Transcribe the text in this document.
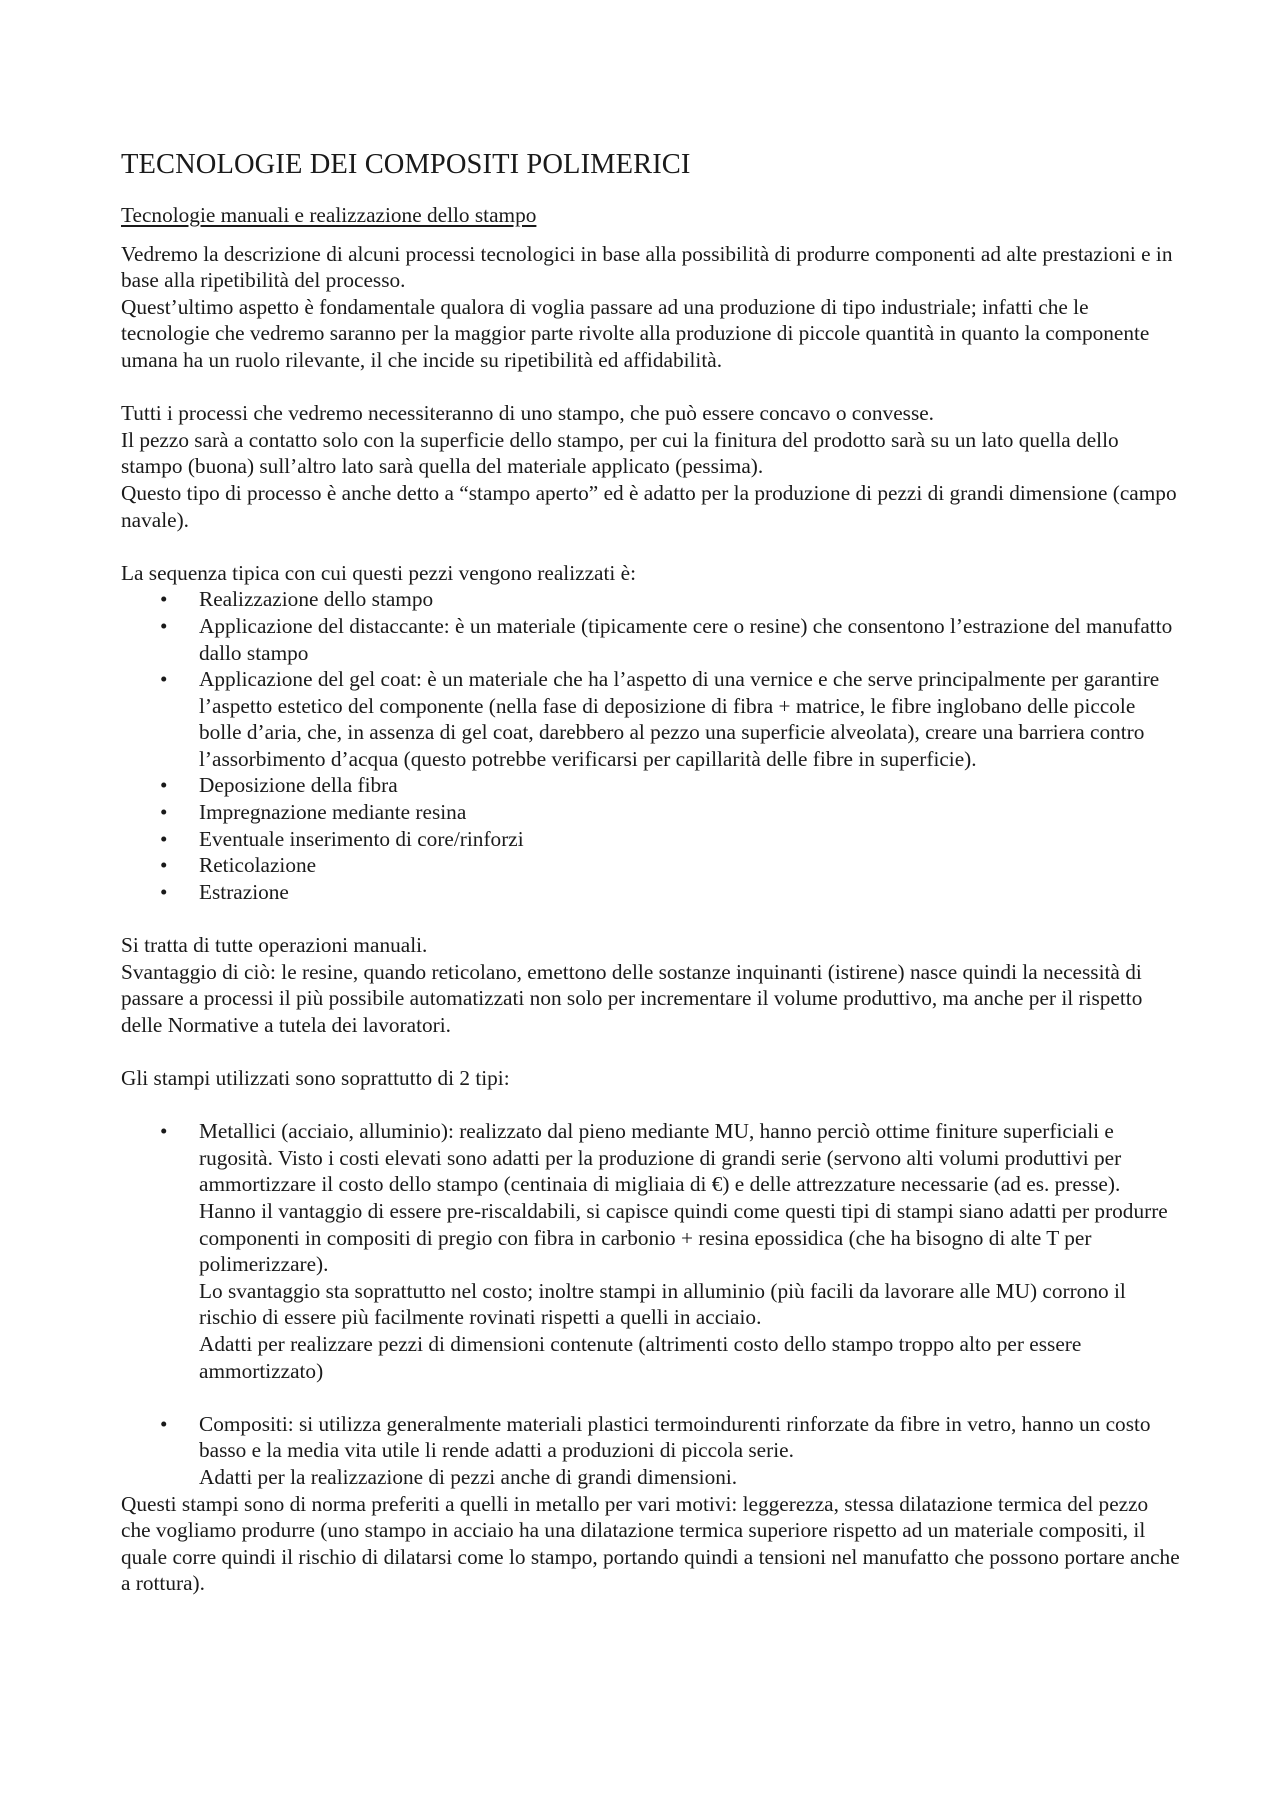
TECNOLOGIE DEI COMPOSITI POLIMERICI

Tecnologie manuali e realizzazione dello stampo

Vedremo la descrizione di alcuni processi tecnologici in base alla possibilità di produrre componenti ad alte prestazioni e in base alla ripetibilità del processo.

Quest’ultimo aspetto è fondamentale qualora di voglia passare ad una produzione di tipo industriale; infatti che le tecnologie che vedremo saranno per la maggior parte rivolte alla produzione di piccole quantità in quanto la componente umana ha un ruolo rilevante, il che incide su ripetibilità ed affidabilità.

Tutti i processi che vedremo necessiteranno di uno stampo, che può essere concavo o convesse.

Il pezzo sarà a contatto solo con la superficie dello stampo, per cui la finitura del prodotto sarà su un lato quella dello stampo (buona) sull’altro lato sarà quella del materiale applicato (pessima).

Questo tipo di processo è anche detto a “stampo aperto” ed è adatto per la produzione di pezzi di grandi dimensione (campo navale).

La sequenza tipica con cui questi pezzi vengono realizzati è:

• Realizzazione dello stampo
• Applicazione del distaccante: è un materiale (tipicamente cere o resine) che consentono l’estrazione del manufatto dallo stampo
• Applicazione del gel coat: è un materiale che ha l’aspetto di una vernice e che serve principalmente per garantire l’aspetto estetico del componente (nella fase di deposizione di fibra + matrice, le fibre inglobano delle piccole bolle d’aria, che, in assenza di gel coat, darebbero al pezzo una superficie alveolata), creare una barriera contro l’assorbimento d’acqua (questo potrebbe verificarsi per capillarità delle fibre in superficie).
• Deposizione della fibra
• Impregnazione mediante resina
• Eventuale inserimento di core/rinforzi
• Reticolazione
• Estrazione

Si tratta di tutte operazioni manuali.

Svantaggio di ciò: le resine, quando reticolano, emettono delle sostanze inquinanti (istirene) nasce quindi la necessità di passare a processi il più possibile automatizzati non solo per incrementare il volume produttivo, ma anche per il rispetto delle Normative a tutela dei lavoratori.

Gli stampi utilizzati sono soprattutto di 2 tipi:

• Metallici (acciaio, alluminio): realizzato dal pieno mediante MU, hanno perciò ottime finiture superficiali e rugosità. Visto i costi elevati sono adatti per la produzione di grandi serie (servono alti volumi produttivi per ammortizzare il costo dello stampo (centinaia di migliaia di €) e delle attrezzature necessarie (ad es. presse).
Hanno il vantaggio di essere pre-riscaldabili, si capisce quindi come questi tipi di stampi siano adatti per produrre componenti in compositi di pregio con fibra in carbonio + resina epossidica (che ha bisogno di alte T per polimerizzare).
Lo svantaggio sta soprattutto nel costo; inoltre stampi in alluminio (più facili da lavorare alle MU) corrono il rischio di essere più facilmente rovinati rispetti a quelli in acciaio.
Adatti per realizzare pezzi di dimensioni contenute (altrimenti costo dello stampo troppo alto per essere ammortizzato)
• Compositi: si utilizza generalmente materiali plastici termoindurenti rinforzate da fibre in vetro, hanno un costo basso e la media vita utile li rende adatti a produzioni di piccola serie.
Adatti per la realizzazione di pezzi anche di grandi dimensioni.

Questi stampi sono di norma preferiti a quelli in metallo per vari motivi: leggerezza, stessa dilatazione termica del pezzo che vogliamo produrre (uno stampo in acciaio ha una dilatazione termica superiore rispetto ad un materiale compositi, il quale corre quindi il rischio di dilatarsi come lo stampo, portando quindi a tensioni nel manufatto che possono portare anche a rottura).
